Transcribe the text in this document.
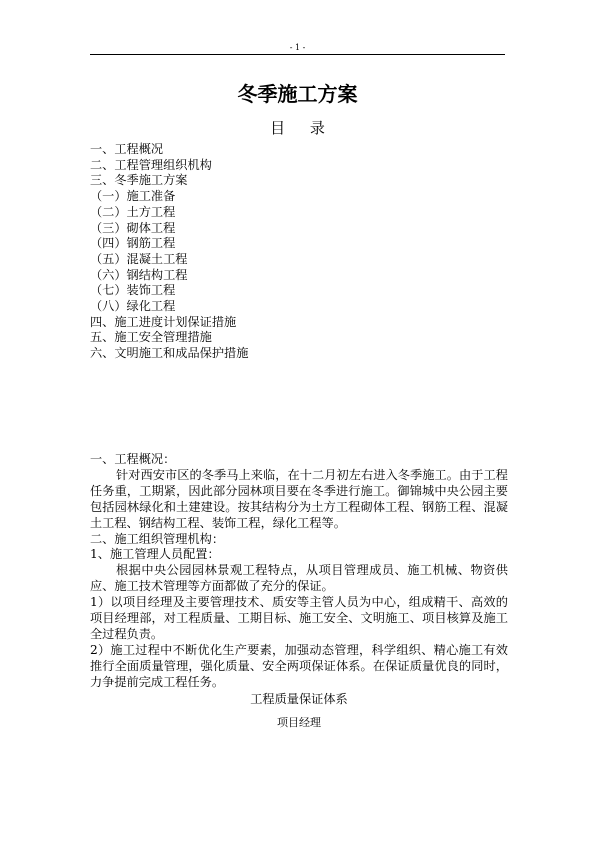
- 1 -
冬季施工方案
目 录
一、工程概况
二、工程管理组织机构
三、冬季施工方案
（一）施工准备
（二）土方工程
（三）砌体工程
（四）钢筋工程
（五）混凝土工程
（六）钢结构工程
（七）装饰工程
（八）绿化工程
四、施工进度计划保证措施
五、施工安全管理措施
六、文明施工和成品保护措施

一、工程概况：

针对西安市区的冬季马上来临，在十二月初左右进入冬季施工。由于工程任务重，工期紧，因此部分园林项目要在冬季进行施工。御锦城中央公园主要包括园林绿化和土建建设。按其结构分为土方工程砌体工程、钢筋工程、混凝土工程、钢结构工程、装饰工程，绿化工程等。

二、施工组织管理机构：

1、施工管理人员配置：

根据中央公园园林景观工程特点，从项目管理成员、施工机械、物资供应、施工技术管理等方面都做了充分的保证。

1）以项目经理及主要管理技术、质安等主管人员为中心，组成精干、高效的项目经理部，对工程质量、工期目标、施工安全、文明施工、项目核算及施工全过程负责。

2）施工过程中不断优化生产要素，加强动态管理，科学组织、精心施工有效推行全面质量管理，强化质量、安全两项保证体系。在保证质量优良的同时，力争提前完成工程任务。

工程质量保证体系

项目经理
